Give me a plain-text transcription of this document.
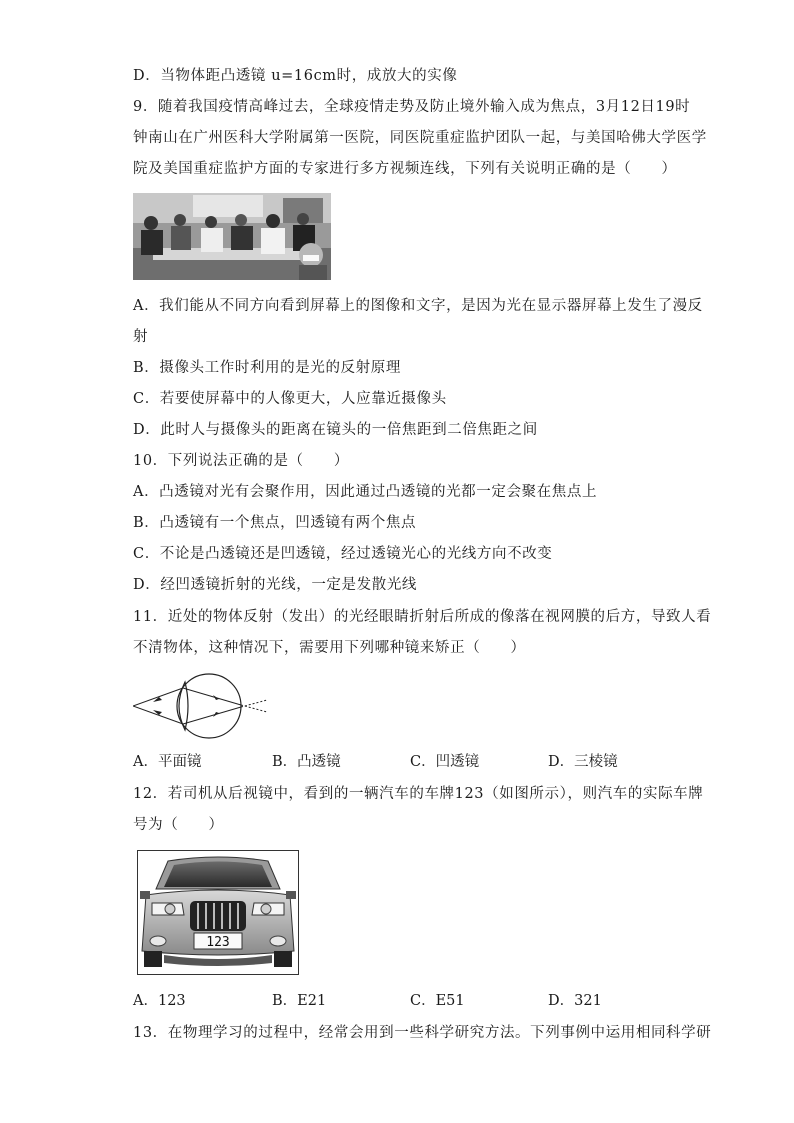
D．当物体距凸透镜 u=16cm时，成放大的实像
9．随着我国疫情高峰过去，全球疫情走势及防止境外输入成为焦点，3月12日19时
钟南山在广州医科大学附属第一医院，同医院重症监护团队一起，与美国哈佛大学医学
院及美国重症监护方面的专家进行多方视频连线，下列有关说明正确的是（　　）
A．我们能从不同方向看到屏幕上的图像和文字，是因为光在显示器屏幕上发生了漫反
射
B．摄像头工作时利用的是光的反射原理
C．若要使屏幕中的人像更大，人应靠近摄像头
D．此时人与摄像头的距离在镜头的一倍焦距到二倍焦距之间
10．下列说法正确的是（　　）
A．凸透镜对光有会聚作用，因此通过凸透镜的光都一定会聚在焦点上
B．凸透镜有一个焦点，凹透镜有两个焦点
C．不论是凸透镜还是凹透镜，经过透镜光心的光线方向不改变
D．经凹透镜折射的光线，一定是发散光线
11．近处的物体反射（发出）的光经眼睛折射后所成的像落在视网膜的后方，导致人看
不清物体，这种情况下，需要用下列哪种镜来矫正（　　）
A．平面镜	B．凸透镜	C．凹透镜	D．三棱镜
12．若司机从后视镜中，看到的一辆汽车的车牌123（如图所示），则汽车的实际车牌
号为（　　）
123
A．123	B．E21	C．E51	D．321
13．在物理学习的过程中，经常会用到一些科学研究方法。下列事例中运用相同科学研
